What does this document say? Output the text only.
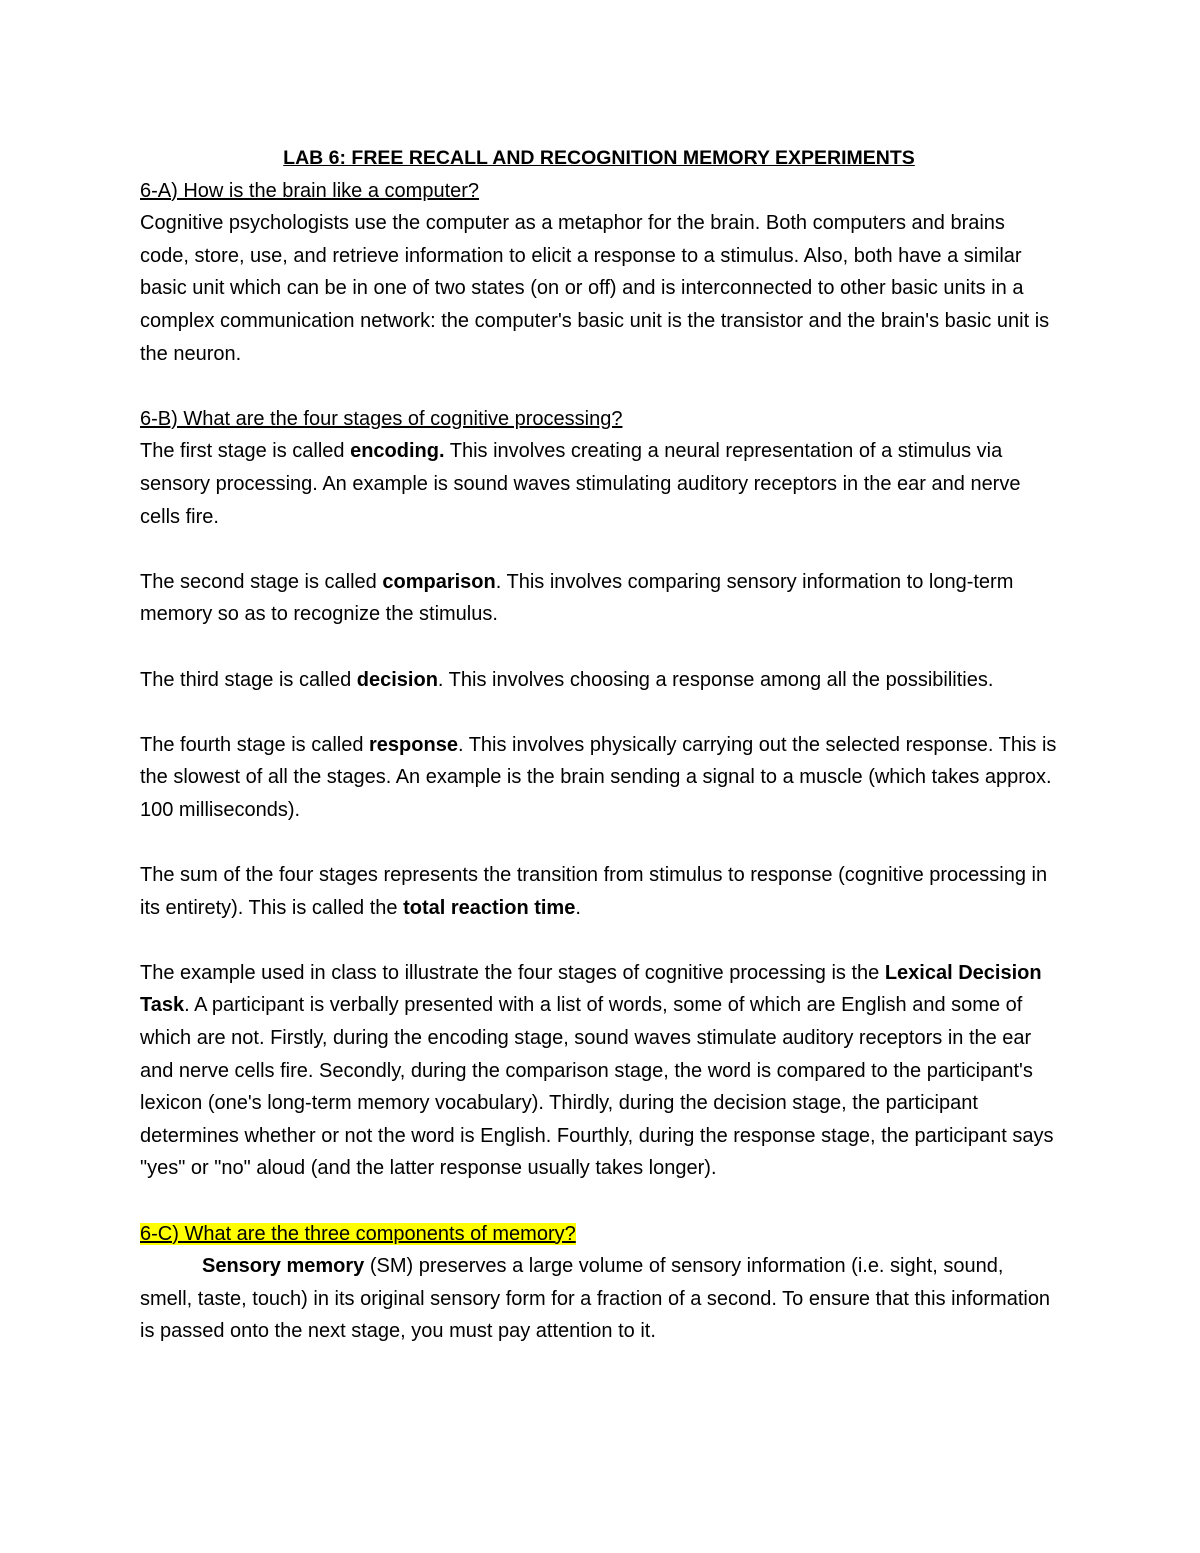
LAB 6: FREE RECALL AND RECOGNITION MEMORY EXPERIMENTS

6-A) How is the brain like a computer?

Cognitive psychologists use the computer as a metaphor for the brain. Both computers and brains code, store, use, and retrieve information to elicit a response to a stimulus. Also, both have a similar basic unit which can be in one of two states (on or off) and is interconnected to other basic units in a complex communication network: the computer's basic unit is the transistor and the brain's basic unit is the neuron.

6-B) What are the four stages of cognitive processing?

The first stage is called encoding. This involves creating a neural representation of a stimulus via sensory processing. An example is sound waves stimulating auditory receptors in the ear and nerve cells fire.

The second stage is called comparison. This involves comparing sensory information to long-term memory so as to recognize the stimulus.

The third stage is called decision. This involves choosing a response among all the possibilities.

The fourth stage is called response. This involves physically carrying out the selected response. This is the slowest of all the stages. An example is the brain sending a signal to a muscle (which takes approx. 100 milliseconds).

The sum of the four stages represents the transition from stimulus to response (cognitive processing in its entirety). This is called the total reaction time.

The example used in class to illustrate the four stages of cognitive processing is the Lexical Decision Task. A participant is verbally presented with a list of words, some of which are English and some of which are not. Firstly, during the encoding stage, sound waves stimulate auditory receptors in the ear and nerve cells fire. Secondly, during the comparison stage, the word is compared to the participant's lexicon (one's long-term memory vocabulary). Thirdly, during the decision stage, the participant determines whether or not the word is English. Fourthly, during the response stage, the participant says "yes" or "no" aloud (and the latter response usually takes longer).

6-C) What are the three components of memory?

Sensory memory (SM) preserves a large volume of sensory information (i.e. sight, sound, smell, taste, touch) in its original sensory form for a fraction of a second. To ensure that this information is passed onto the next stage, you must pay attention to it.
